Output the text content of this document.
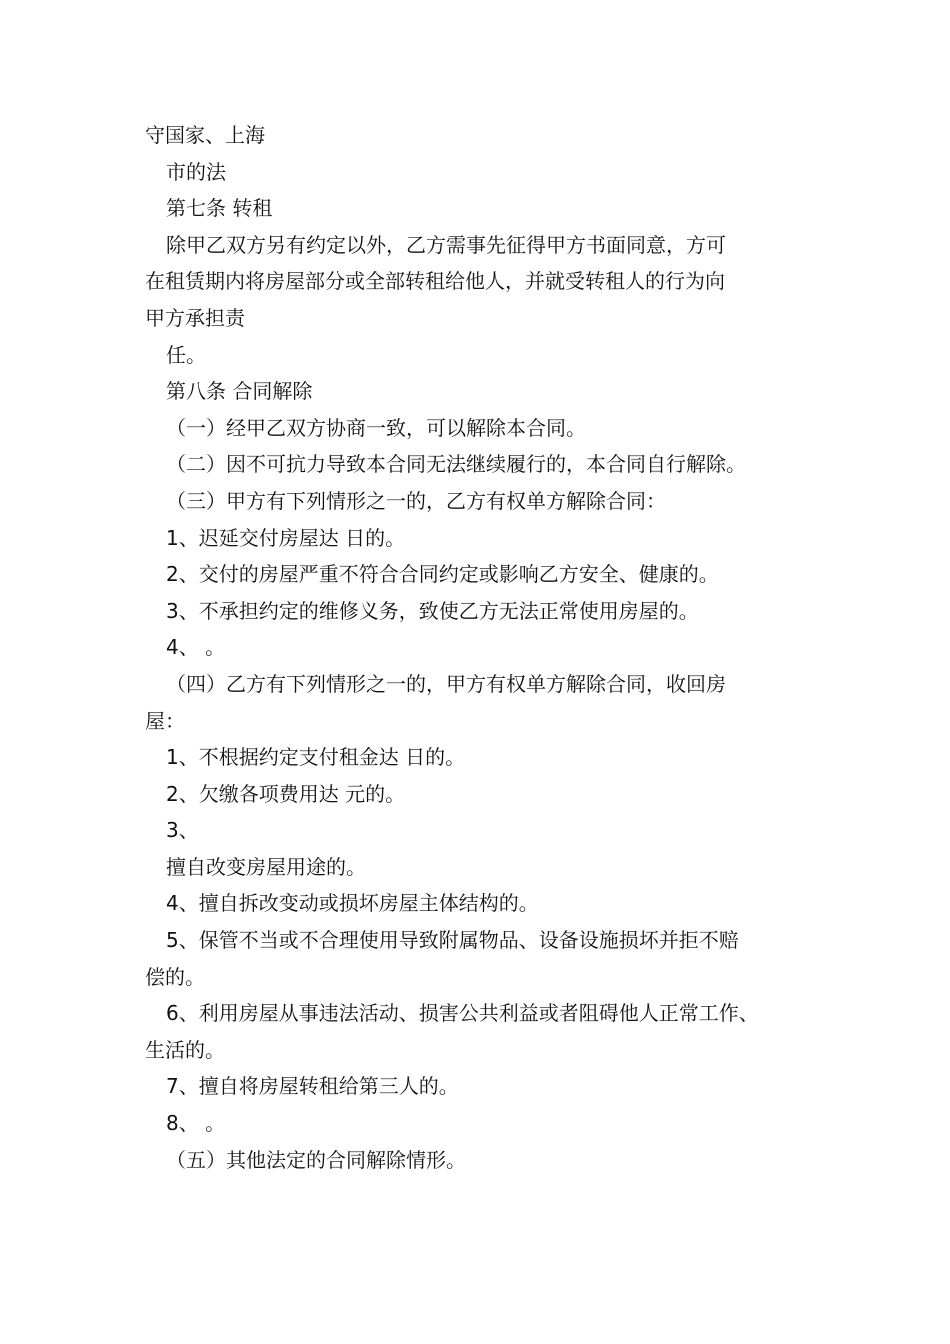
守国家、上海
市的法
第七条 转租
除甲乙双方另有约定以外，乙方需事先征得甲方书面同意，方可
在租赁期内将房屋部分或全部转租给他人，并就受转租人的行为向
甲方承担责
任。
第八条 合同解除
（一）经甲乙双方协商一致，可以解除本合同。
（二）因不可抗力导致本合同无法继续履行的，本合同自行解除。
（三）甲方有下列情形之一的，乙方有权单方解除合同：
1、迟延交付房屋达 日的。
2、交付的房屋严重不符合合同约定或影响乙方安全、健康的。
3、不承担约定的维修义务，致使乙方无法正常使用房屋的。
4、 。
（四）乙方有下列情形之一的，甲方有权单方解除合同，收回房
屋：
1、不根据约定支付租金达 日的。
2、欠缴各项费用达 元的。
3、
擅自改变房屋用途的。
4、擅自拆改变动或损坏房屋主体结构的。
5、保管不当或不合理使用导致附属物品、设备设施损坏并拒不赔
偿的。
6、利用房屋从事违法活动、损害公共利益或者阻碍他人正常工作、
生活的。
7、擅自将房屋转租给第三人的。
8、 。
（五）其他法定的合同解除情形。
